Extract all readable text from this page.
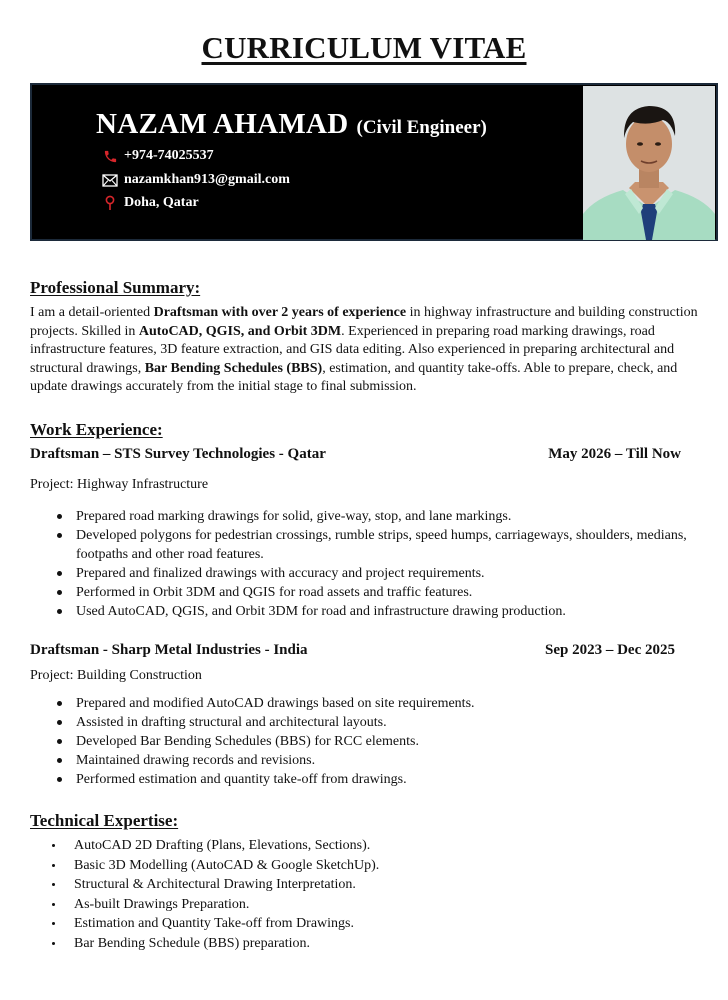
CURRICULUM VITAE
NAZAM AHAMAD (Civil Engineer)
+974-74025537
nazamkhan913@gmail.com
Doha, Qatar
Professional Summary:

I am a detail-oriented Draftsman with over 2 years of experience in highway infrastructure and building construction projects. Skilled in AutoCAD, QGIS, and Orbit 3DM. Experienced in preparing road marking drawings, road infrastructure features, 3D feature extraction, and GIS data editing. Also experienced in preparing architectural and structural drawings, Bar Bending Schedules (BBS), estimation, and quantity take-offs. Able to prepare, check, and update drawings accurately from the initial stage to final submission.

Work Experience:
Draftsman – STS Survey Technologies - Qatar	May 2026 – Till Now
Project: Highway Infrastructure
Prepared road marking drawings for solid, give-way, stop, and lane markings.
Developed polygons for pedestrian crossings, rumble strips, speed humps, carriageways, shoulders, medians, footpaths and other road features.
Prepared and finalized drawings with accuracy and project requirements.
Performed in Orbit 3DM and QGIS for road assets and traffic features.
Used AutoCAD, QGIS, and Orbit 3DM for road and infrastructure drawing production.
Draftsman - Sharp Metal Industries - India	Sep 2023 – Dec 2025
Project: Building Construction
Prepared and modified AutoCAD drawings based on site requirements.
Assisted in drafting structural and architectural layouts.
Developed Bar Bending Schedules (BBS) for RCC elements.
Maintained drawing records and revisions.
Performed estimation and quantity take-off from drawings.
Technical Expertise:
AutoCAD 2D Drafting (Plans, Elevations, Sections).
Basic 3D Modelling (AutoCAD & Google SketchUp).
Structural & Architectural Drawing Interpretation.
As-built Drawings Preparation.
Estimation and Quantity Take-off from Drawings.
Bar Bending Schedule (BBS) preparation.
